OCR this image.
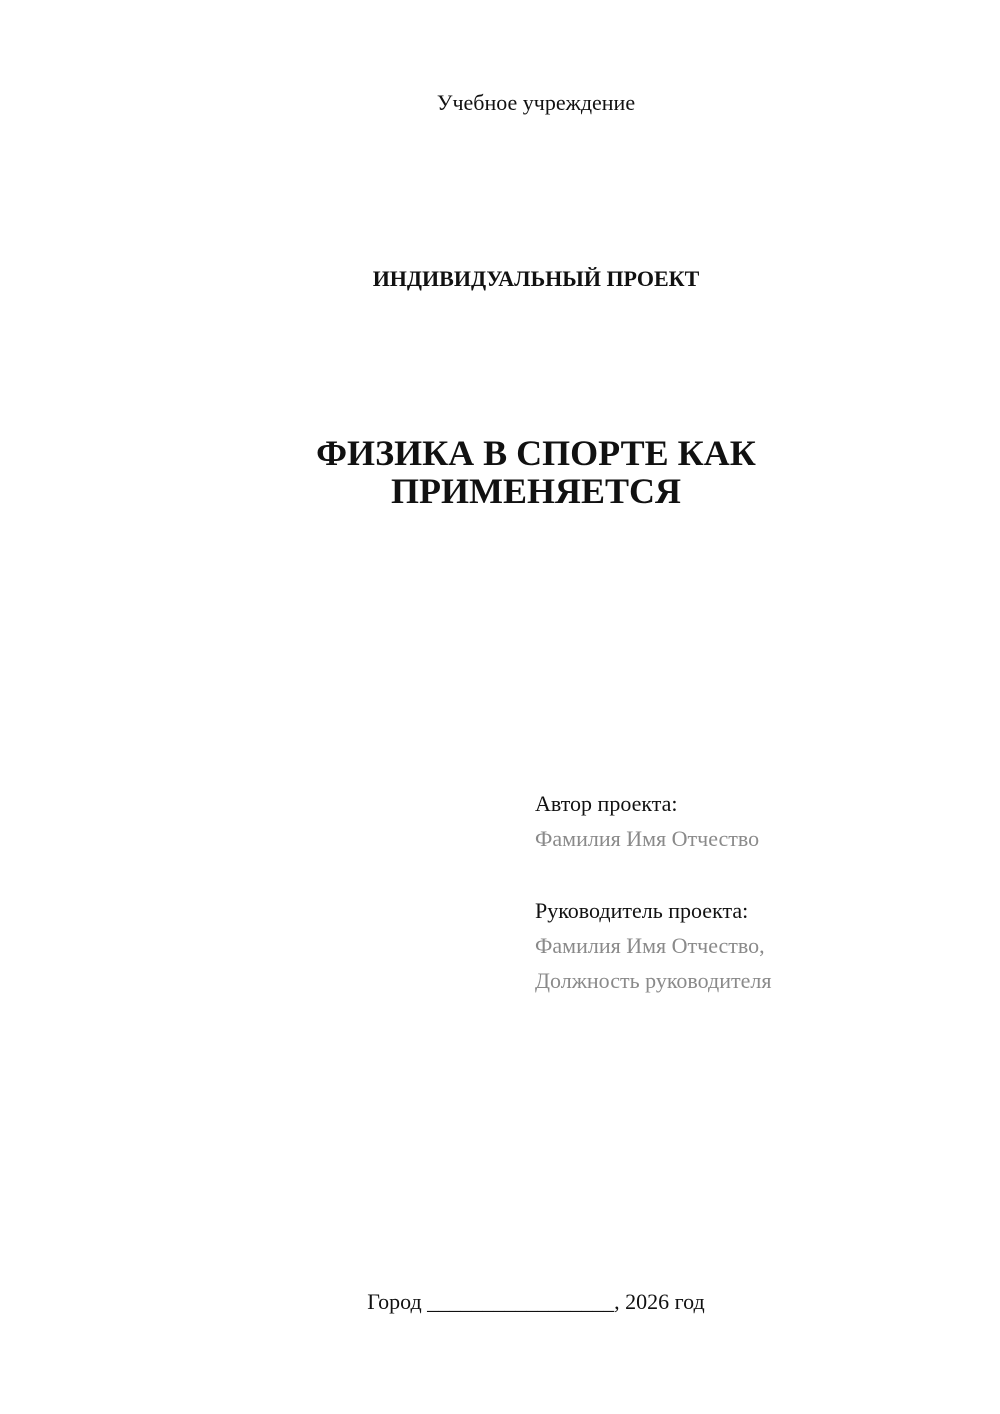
Учебное учреждение
ИНДИВИДУАЛЬНЫЙ ПРОЕКТ
ФИЗИКА В СПОРТЕ КАК
ПРИМЕНЯЕТСЯ
Автор проекта:
Фамилия Имя Отчество
Руководитель проекта:
Фамилия Имя Отчество,
Должность руководителя
Город _________________, 2026 год
